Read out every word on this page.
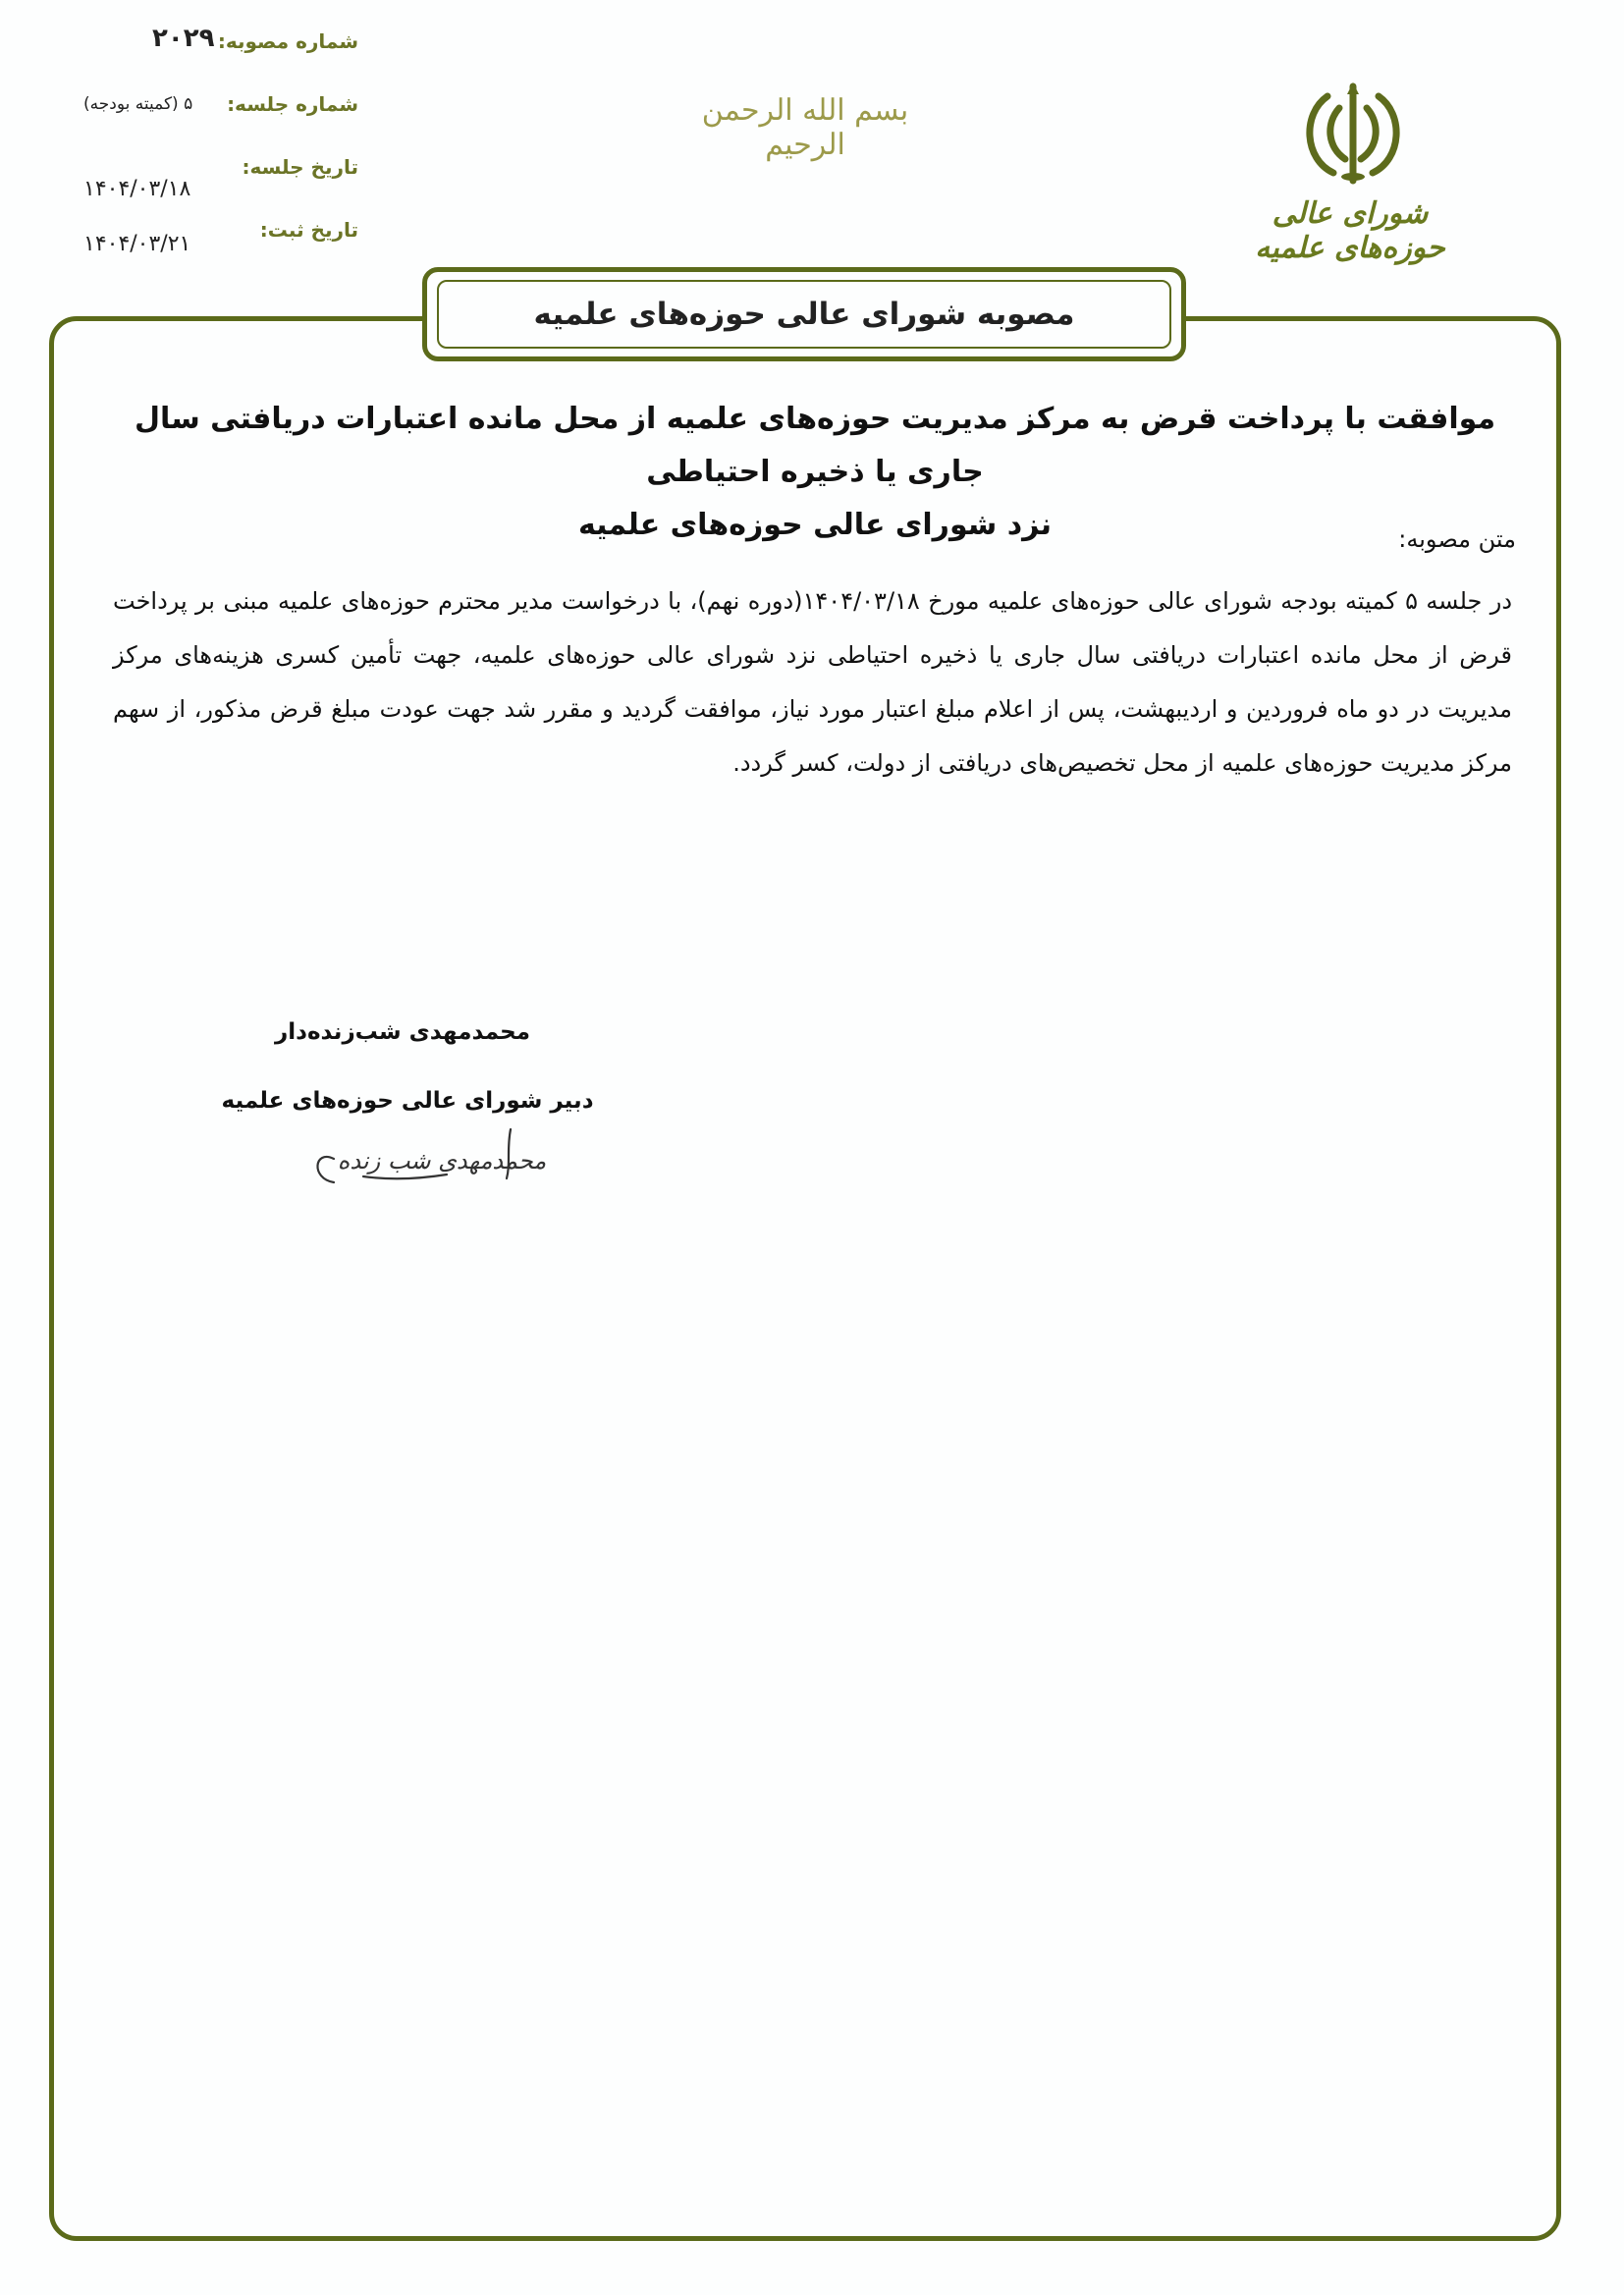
شماره مصوبه:
۲۰۲۹
شماره جلسه:
۵ (کمیته بودجه)
تاریخ جلسه:
۱۴۰۴/۰۳/۱۸
تاریخ ثبت:
۱۴۰۴/۰۳/۲۱
بسم الله الرحمن الرحیم
شورای عالی حوزه‌های علمیه
مصوبه شورای عالی حوزه‌های علمیه
موافقت با پرداخت قرض به مرکز مدیریت حوزه‌های علمیه از محل مانده اعتبارات دریافتی سال جاری یا ذخیره احتیاطی
نزد شورای عالی حوزه‌های علمیه	متن مصوبه:
در جلسه ۵ کمیته بودجه شورای عالی حوزه‌های علمیه مورخ ۱۴۰۴/۰۳/۱۸(دوره نهم)، با درخواست مدیر محترم حوزه‌های علمیه مبنی بر پرداخت قرض از محل مانده اعتبارات دریافتی سال جاری یا ذخیره احتیاطی نزد شورای عالی حوزه‌های علمیه، جهت تأمین کسری هزینه‌های مرکز مدیریت در دو ماه فروردین و اردیبهشت، پس از اعلام مبلغ اعتبار مورد نیاز، موافقت گردید و مقرر شد جهت عودت مبلغ قرض مذکور، از سهم مرکز مدیریت حوزه‌های علمیه از محل تخصیص‌های دریافتی از دولت، کسر گردد.
محمدمهدی شب‌زنده‌دار
دبیر شورای عالی حوزه‌های علمیه
محمدمهدی شب زنده
